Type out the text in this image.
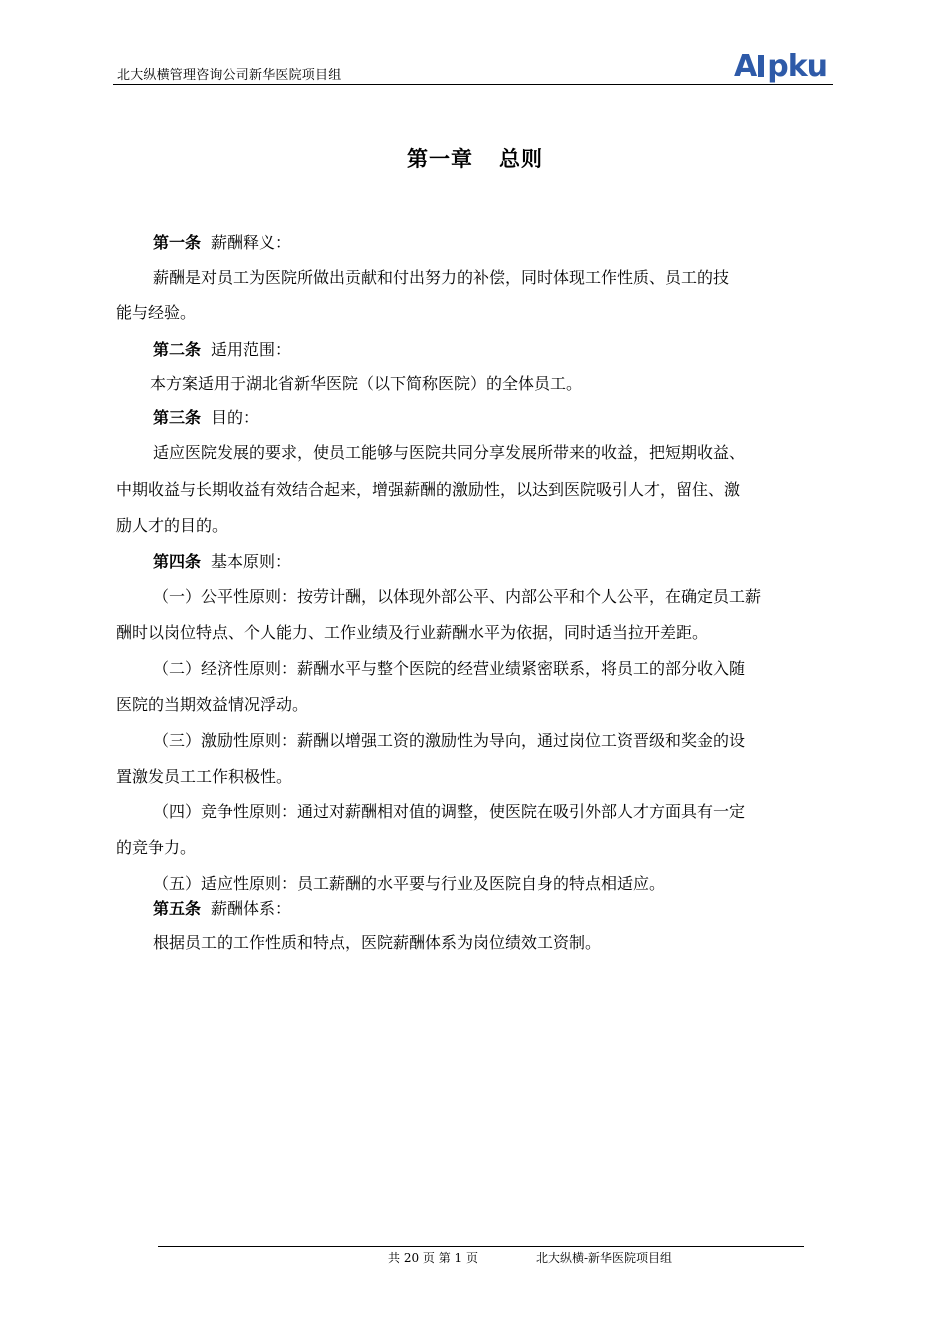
北大纵横管理咨询公司新华医院项目组	A pku
第一章 总则
第一条 薪酬释义：
薪酬是对员工为医院所做出贡献和付出努力的补偿，同时体现工作性质、员工的技
能与经验。
第二条 适用范围：
本方案适用于湖北省新华医院（以下简称医院）的全体员工。
第三条 目的：
适应医院发展的要求，使员工能够与医院共同分享发展所带来的收益，把短期收益、
中期收益与长期收益有效结合起来，增强薪酬的激励性，以达到医院吸引人才，留住、激
励人才的目的。
第四条 基本原则：
（一）公平性原则：按劳计酬，以体现外部公平、内部公平和个人公平，在确定员工薪
酬时以岗位特点、个人能力、工作业绩及行业薪酬水平为依据，同时适当拉开差距。
（二）经济性原则：薪酬水平与整个医院的经营业绩紧密联系，将员工的部分收入随
医院的当期效益情况浮动。
（三）激励性原则：薪酬以增强工资的激励性为导向，通过岗位工资晋级和奖金的设
置激发员工工作积极性。
（四）竞争性原则：通过对薪酬相对值的调整，使医院在吸引外部人才方面具有一定
的竞争力。
（五）适应性原则：员工薪酬的水平要与行业及医院自身的特点相适应。
第五条 薪酬体系：
根据员工的工作性质和特点，医院薪酬体系为岗位绩效工资制。
共 20 页 第 1 页	北大纵横-新华医院项目组
